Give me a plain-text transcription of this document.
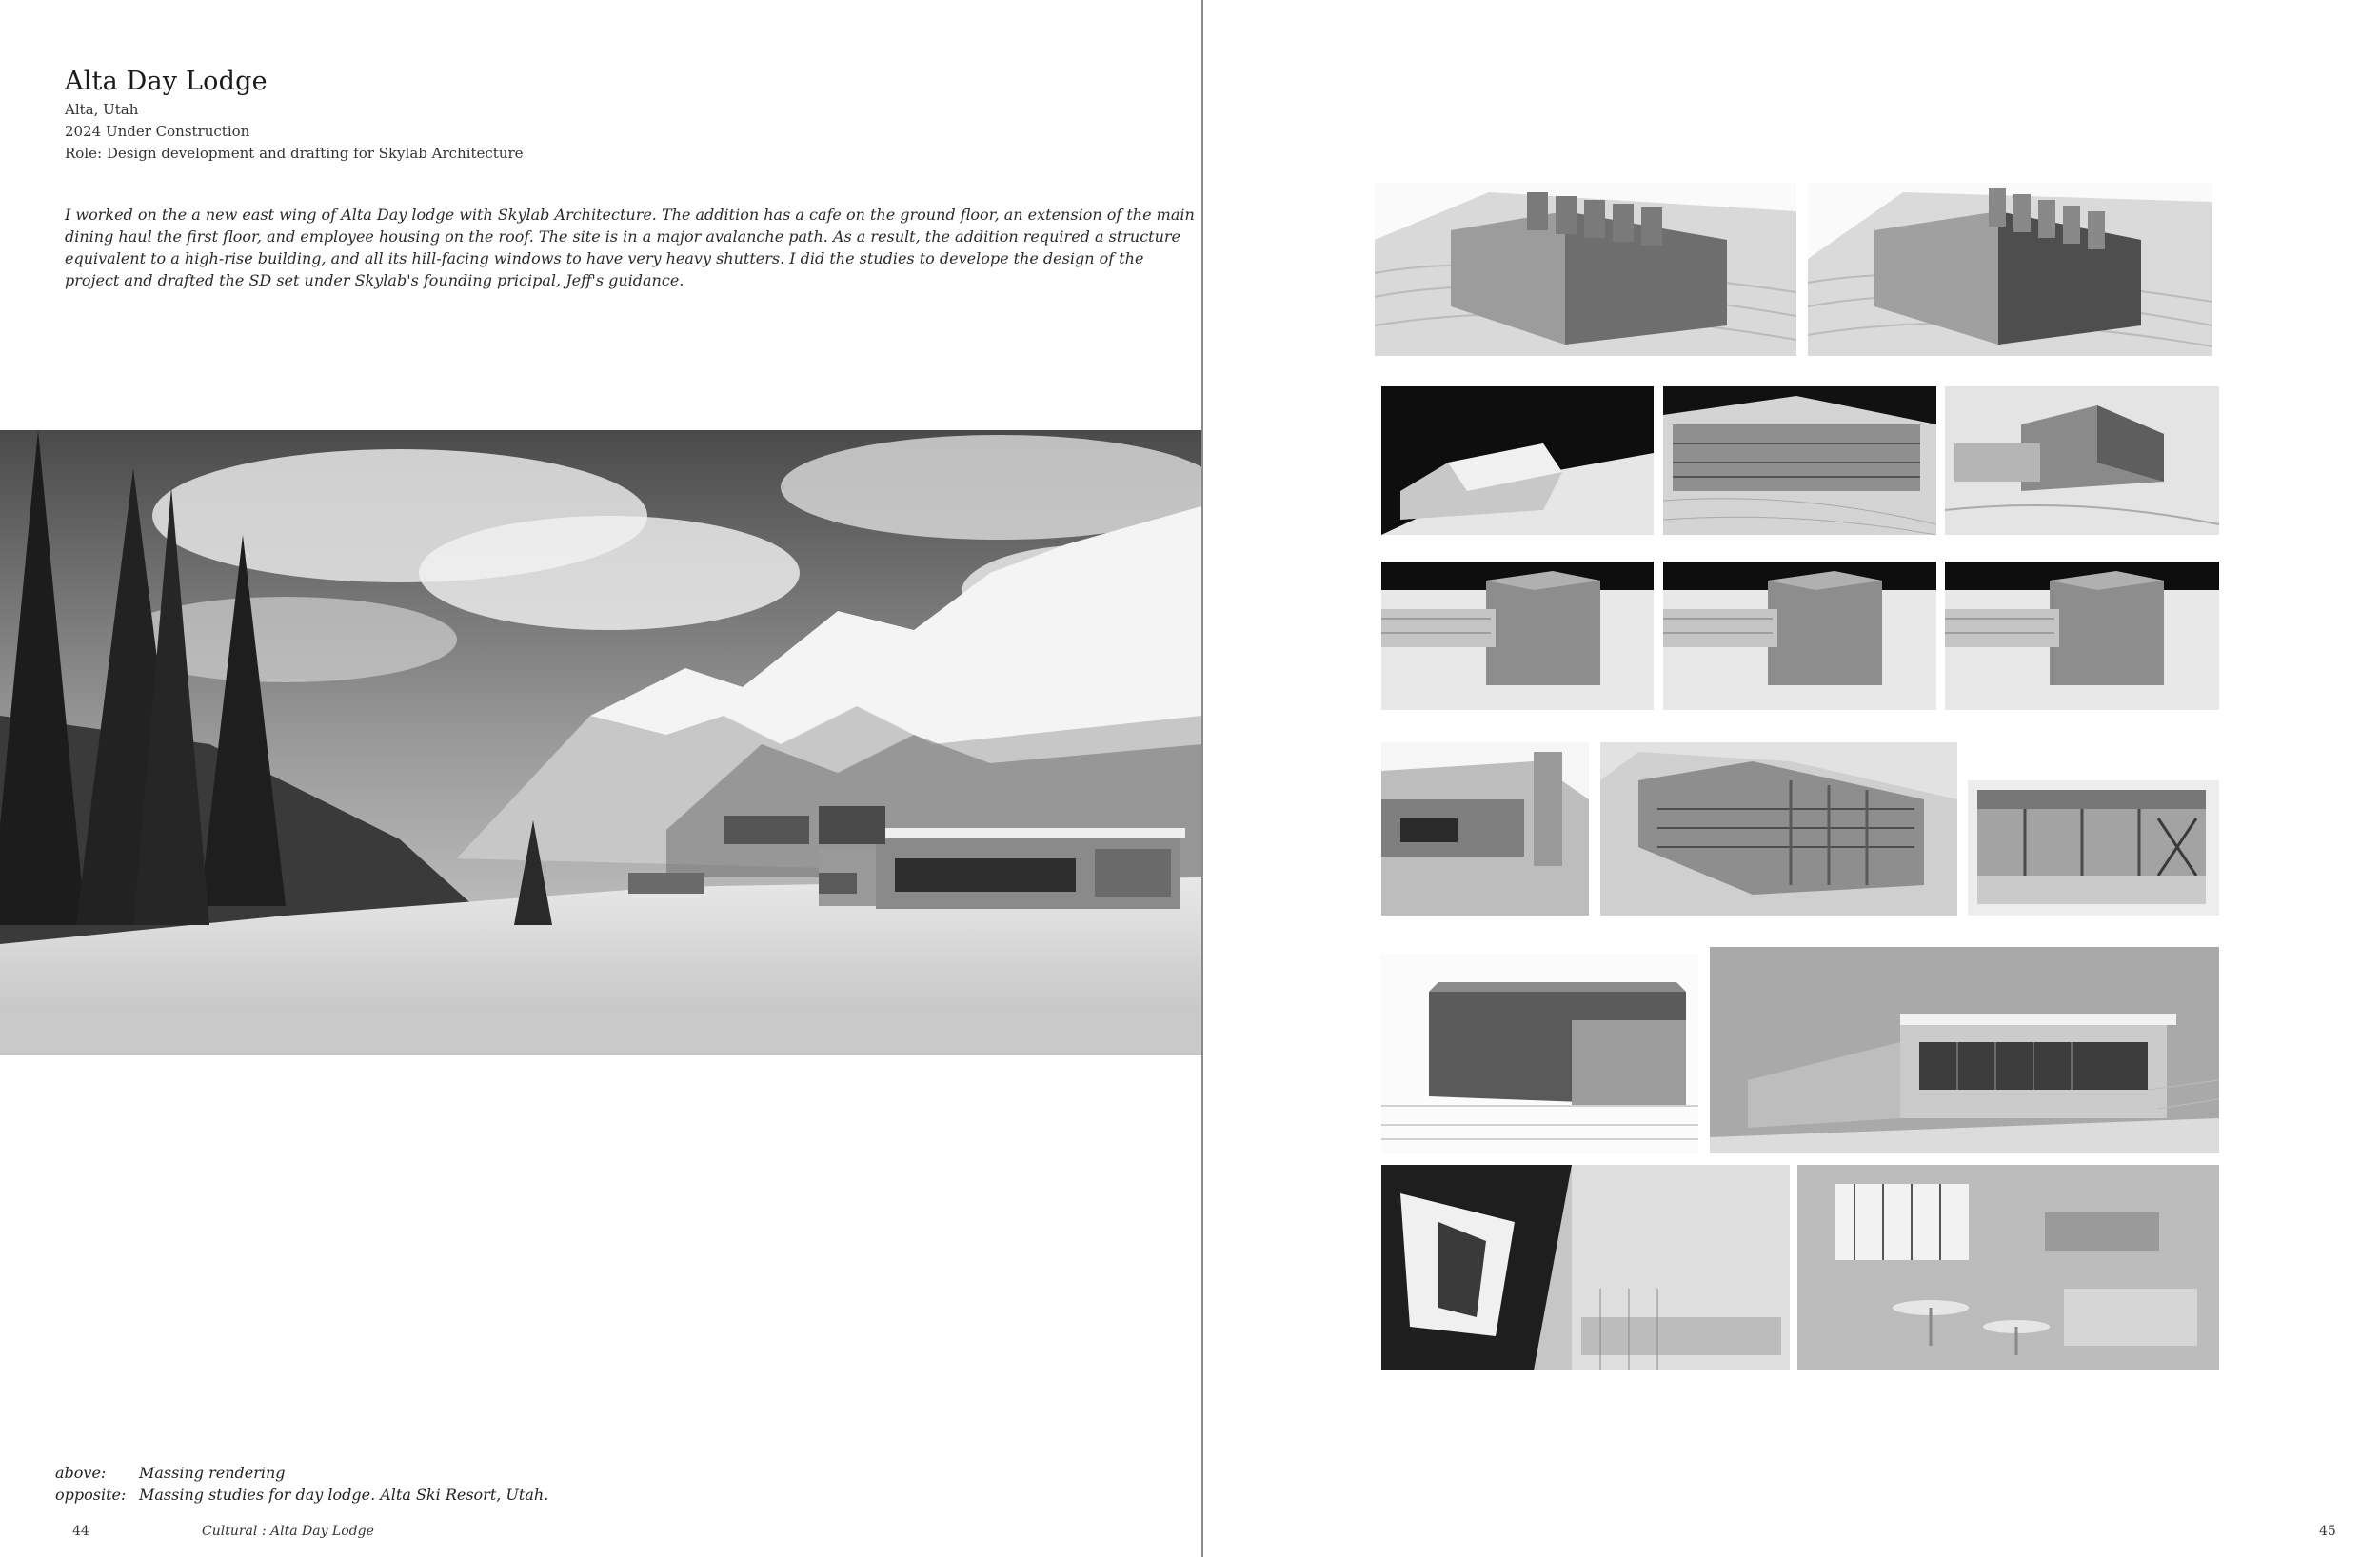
Alta Day Lodge
Alta, Utah
2024 Under Construction
Role: Design development and drafting for Skylab Architecture
I worked on the a new east wing of Alta Day lodge with Skylab Architecture. The addition has a cafe on the ground floor, an extension of the main
dining haul the first floor, and employee housing on the roof. The site is in a major avalanche path. As a result, the addition required a structure
equivalent to a high-rise building, and all its hill-facing windows to have very heavy shutters. I did the studies to develope the design of the
project and drafted the SD set under Skylab's founding pricipal, Jeff's guidance.
above: Massing rendering
opposite: Massing studies for day lodge. Alta Ski Resort, Utah.
44	Cultural : Alta Day Lodge	45
